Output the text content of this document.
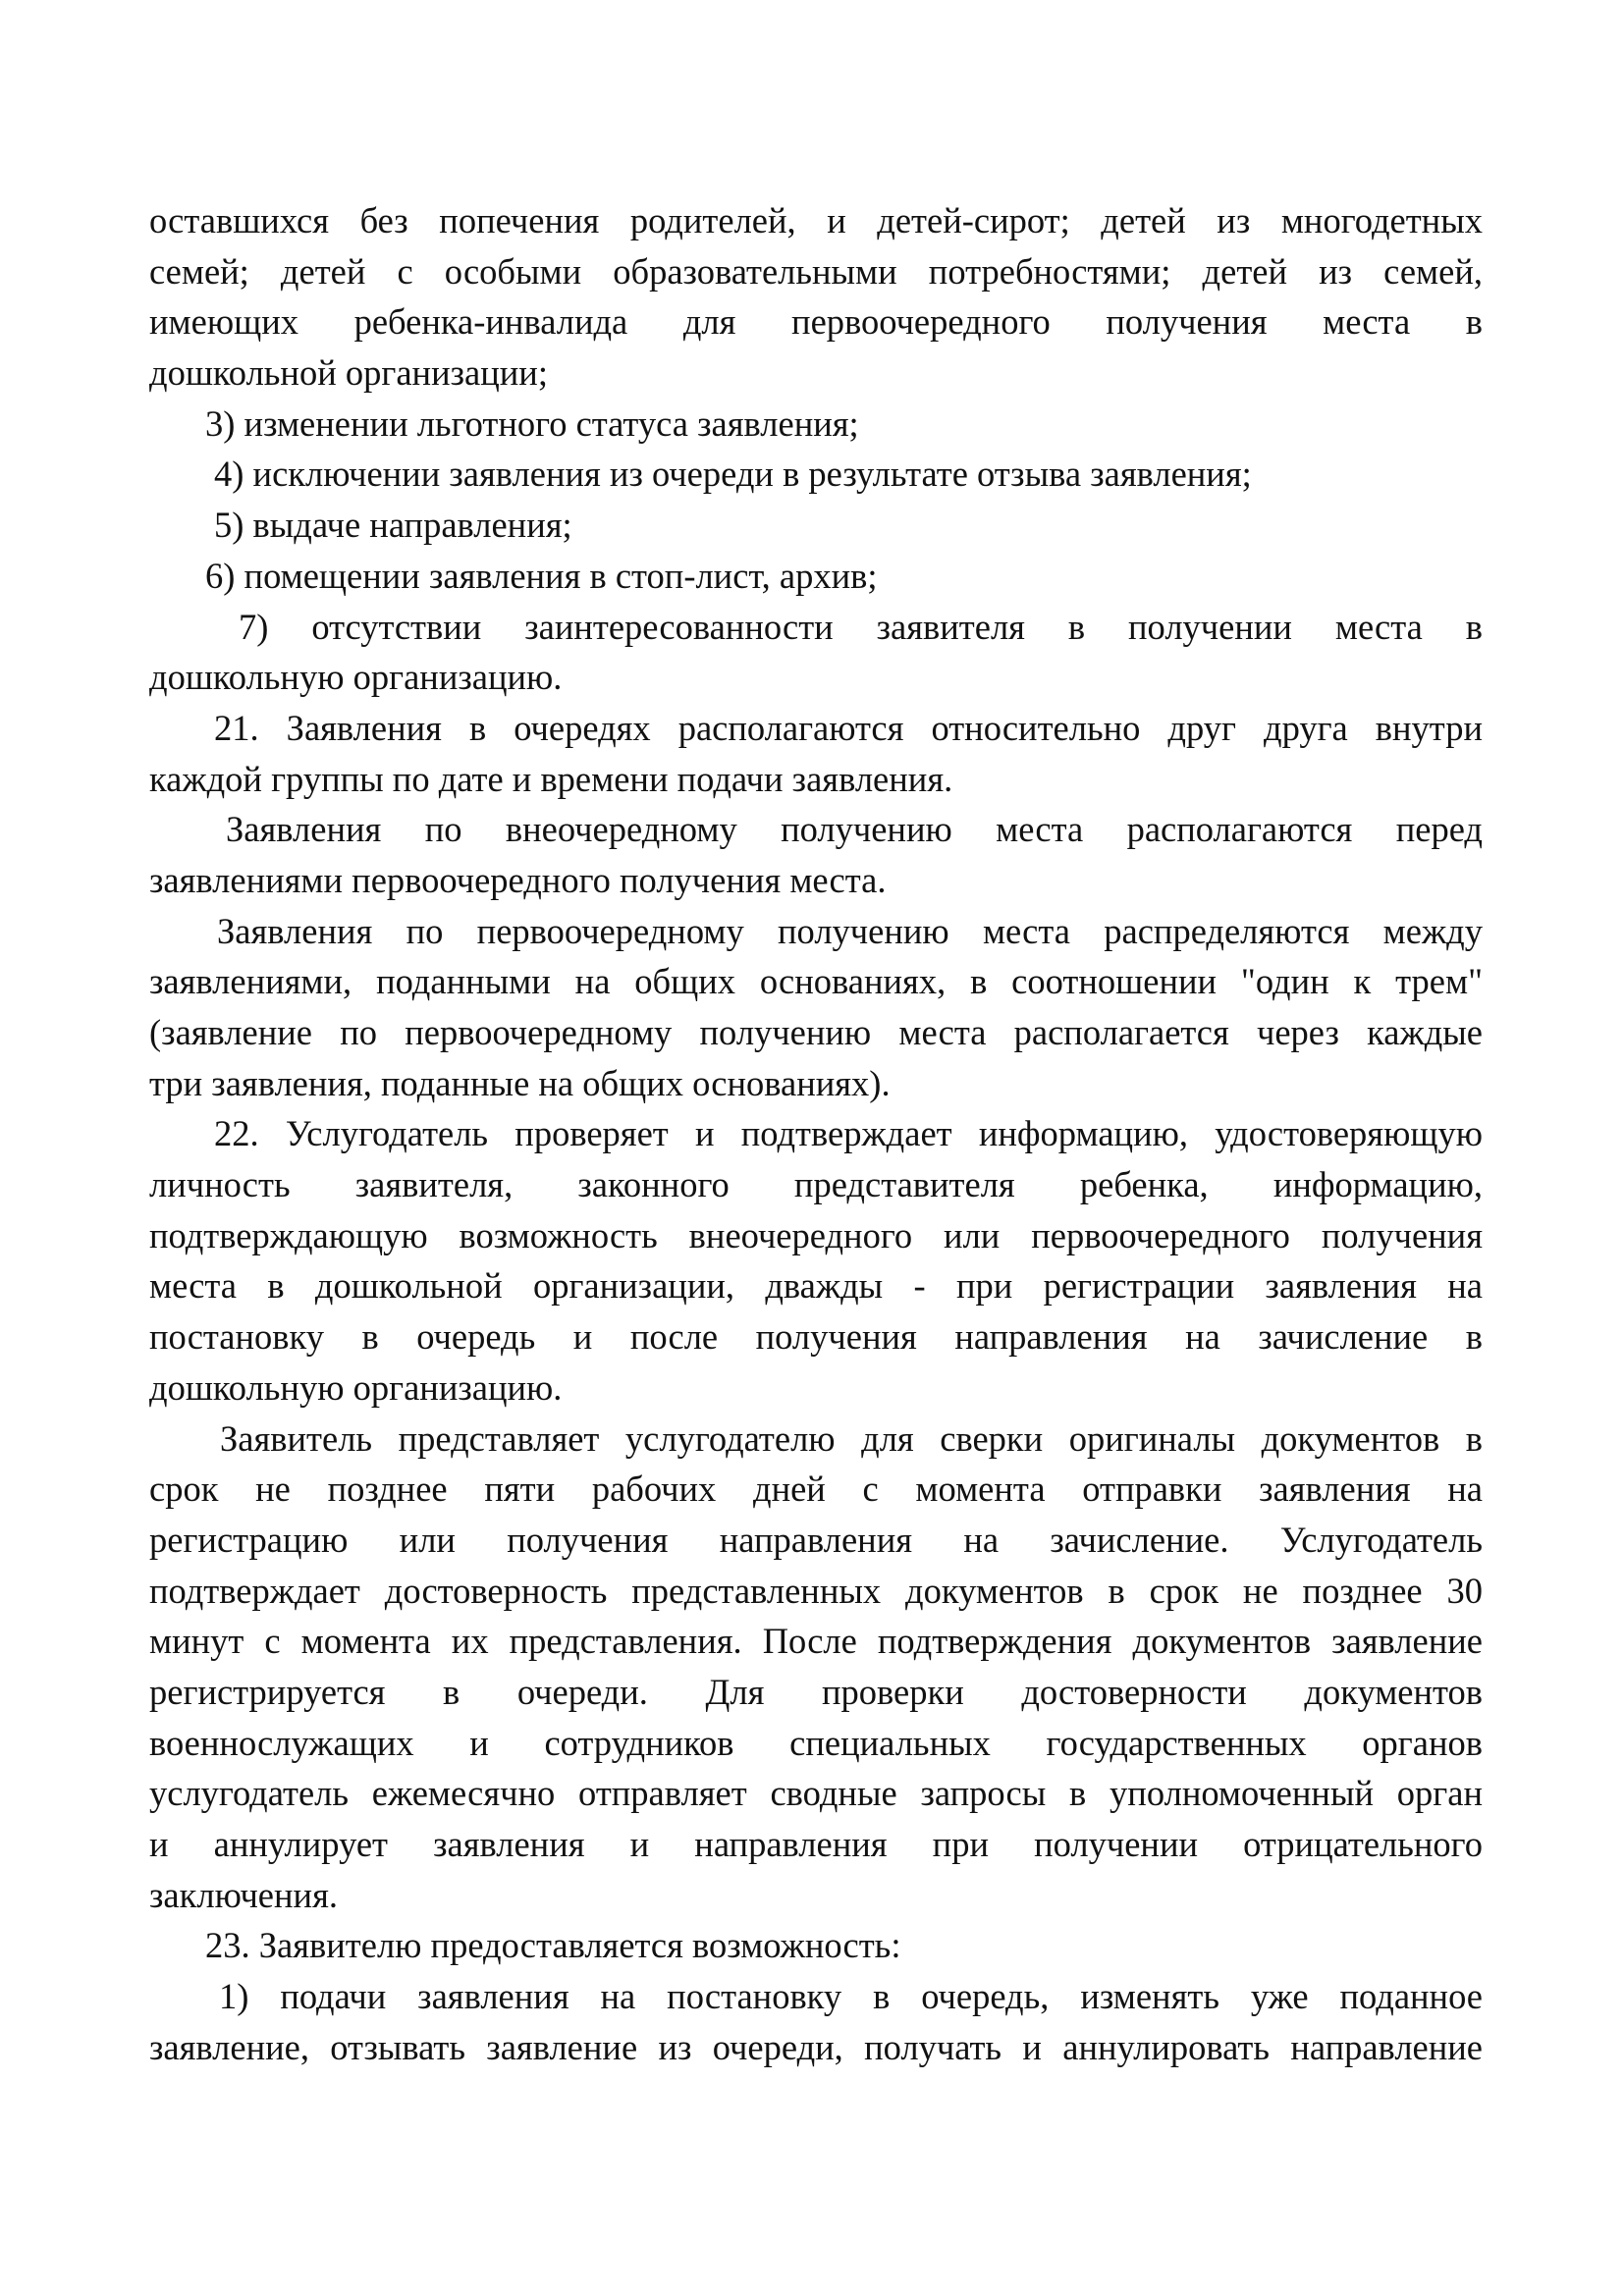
оставшихся без попечения родителей, и детей-сирот; детей из многодетных
семей; детей с особыми образовательными потребностями; детей из семей,
имеющих ребенка-инвалида для первоочередного получения места в
дошкольной организации;
3) изменении льготного статуса заявления;
4) исключении заявления из очереди в результате отзыва заявления;
5) выдаче направления;
6) помещении заявления в стоп-лист, архив;
7) отсутствии заинтересованности заявителя в получении места в
дошкольную организацию.
21. Заявления в очередях располагаются относительно друг друга внутри
каждой группы по дате и времени подачи заявления.
Заявления по внеочередному получению места располагаются перед
заявлениями первоочередного получения места.
Заявления по первоочередному получению места распределяются между
заявлениями, поданными на общих основаниях, в соотношении "один к трем"
(заявление по первоочередному получению места располагается через каждые
три заявления, поданные на общих основаниях).
22. Услугодатель проверяет и подтверждает информацию, удостоверяющую
личность заявителя, законного представителя ребенка, информацию,
подтверждающую возможность внеочередного или первоочередного получения
места в дошкольной организации, дважды - при регистрации заявления на
постановку в очередь и после получения направления на зачисление в
дошкольную организацию.
Заявитель представляет услугодателю для сверки оригиналы документов в
срок не позднее пяти рабочих дней с момента отправки заявления на
регистрацию или получения направления на зачисление. Услугодатель
подтверждает достоверность представленных документов в срок не позднее 30
минут с момента их представления. После подтверждения документов заявление
регистрируется в очереди. Для проверки достоверности документов
военнослужащих и сотрудников специальных государственных органов
услугодатель ежемесячно отправляет сводные запросы в уполномоченный орган
и аннулирует заявления и направления при получении отрицательного
заключения.
23. Заявителю предоставляется возможность:
1) подачи заявления на постановку в очередь, изменять уже поданное
заявление, отзывать заявление из очереди, получать и аннулировать направление
